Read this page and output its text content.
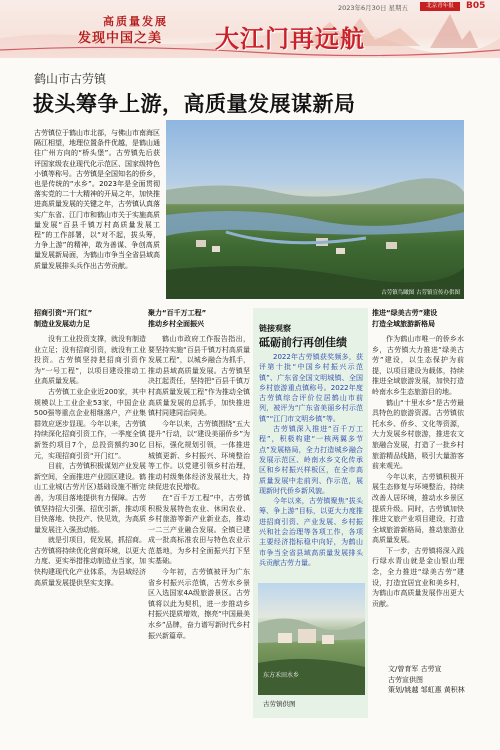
高质量发展
发现中国之美 大江门再远航
2023年6月30日 星期五	北京青年报	B05
鹤山市古劳镇
拔头筹争上游，高质量发展谋新局
古劳镇位于鹤山市北部，与佛山市南海区隔江相望，地理位置条件优越，是鹤山通往广州方向的“桥头堡”。古劳镇先后获评国家级农业现代化示范区、国家级特色小镇等称号。古劳镇是全国知名的侨乡，也是传统的“水乡”。2023年是全面贯彻落实党的二十大精神的开局之年，加快推进高质量发展的关键之年，古劳镇认真落实广东省、江门市和鹤山市关于实施高质量发展“百县千镇万村高质量发展工程”的工作部署，以“对不起，拔头筹，力争上游”的精神，敢为善谋、争创高质量发展新局面，为鹤山市争当全省县域高质量发展排头兵作出古劳贡献。
古劳镇鸟瞰图 古劳镇宣传办供图
招商引资“开门红”
制造业发展动力足

没有工业投资支撑，就没有制造业立足；没有招商引资，就没有工业投资。古劳镇坚持把招商引资作为“一号工程”，以项目建设推动工业高质量发展。

古劳镇工业企业近200家，其中规模以上工业企业53家，中国企业500强等重点企业相继落户，产业集群效应逐步显现。今年以来，古劳镇持续深化招商引资工作，一季度全镇新签约项目7个，总投资额约30亿元，实现招商引资“开门红”。

目前，古劳镇积极谋划产业发展新空间，全面推进产业园区建设。鹤山工业城(古劳片区)基础设施不断完善，为项目落地提供有力保障。古劳镇坚持招大引强、招优引新，推动项目快落地、快投产、快见效，为高质量发展注入强劲动能。

就是引项目，促发展，抓招商。古劳镇将持续优化营商环境，以更大力度、更实举措推动制造业当家，加快构建现代化产业体系，为县域经济高质量发展提供坚实支撑。

聚力“百千万工程”
推动乡村全面振兴

鹤山市政府工作报告指出，要坚持实施“百县千镇万村高质量发展工程”，以城乡融合为抓手，推动县域高质量发展。古劳镇坚决扛起责任，坚持把“百县千镇万村高质量发展工程”作为推动全镇高质量发展的总抓手，加快推进镇村同建同治同美。

今年以来，古劳镇围绕“五大提升”行动，以“建设美丽侨乡”为目标，强化规划引领，一体推进城镇更新、乡村振兴、环境整治等工作。以党建引领乡村治理，推动村级集体经济发展壮大，持续促进农民增收。

在“百千万工程”中，古劳镇积极发展特色农业、休闲农业、乡村旅游等新产业新业态，推动一二三产业融合发展。全镇已建成一批高标准农田与特色农业示范基地，为乡村全面振兴打下坚实基础。

今年初，古劳镇被评为广东省乡村振兴示范镇，古劳水乡景区入选国家4A级旅游景区。古劳镇将以此为契机，进一步推动乡村振兴提质增效，擦亮“中国最美水乡”品牌，奋力谱写新时代乡村振兴新篇章。

链接观察
砥砺前行再创佳绩

2022年古劳镇获奖频多，获评第十批“中国乡村振兴示范镇”、广东省全国文明城镇、全国乡村旅游重点镇称号。2022年度古劳镇综合评价位居鹤山市前列，被评为“广东省美丽乡村示范镇”“江门市文明乡镇”等。

古劳镇深入推进“百千万工程”，积极构建“一核两翼多节点”发展格局，全力打造城乡融合发展示范区、岭南水乡文化传承区和乡村振兴样板区，在全市高质量发展中走前列、作示范，展现新时代侨乡新风貌。

今年以来，古劳镇聚焦“拔头筹、争上游”目标，以更大力度推进招商引资、产业发展、乡村振兴和社会治理等各项工作，各项主要经济指标稳中向好，为鹤山市争当全省县域高质量发展排头兵贡献古劳力量。

东方禾田水乡
古劳镇供图
推进“绿美古劳”建设
打造全域旅游新格局

作为鹤山市唯一的侨乡水乡，古劳镇大力推进“绿美古劳”建设，以生态保护为前提，以项目建设为载体，持续推进全域旅游发展，加快打造岭南水乡生态旅游目的地。

鹤山“十里水乡”是古劳最具特色的旅游资源。古劳镇依托水乡、侨乡、文化等资源，大力发展乡村旅游，推进农文旅融合发展，打造了一批乡村旅游精品线路，吸引大量游客前来观光。

今年以来，古劳镇积极开展生态修复与环境整治，持续改善人居环境，推动水乡景区提质升级。同时，古劳镇加快推进文旅产业项目建设，打造全域旅游新格局，推动旅游业高质量发展。

下一步，古劳镇将深入践行绿水青山就是金山银山理念，全力推进“绿美古劳”建设，打造宜居宜业和美乡村，为鹤山市高质量发展作出更大贡献。

文/曾育军 古劳宣
古劳宣供图
策划/姚越 邹虹惠 黄积林
